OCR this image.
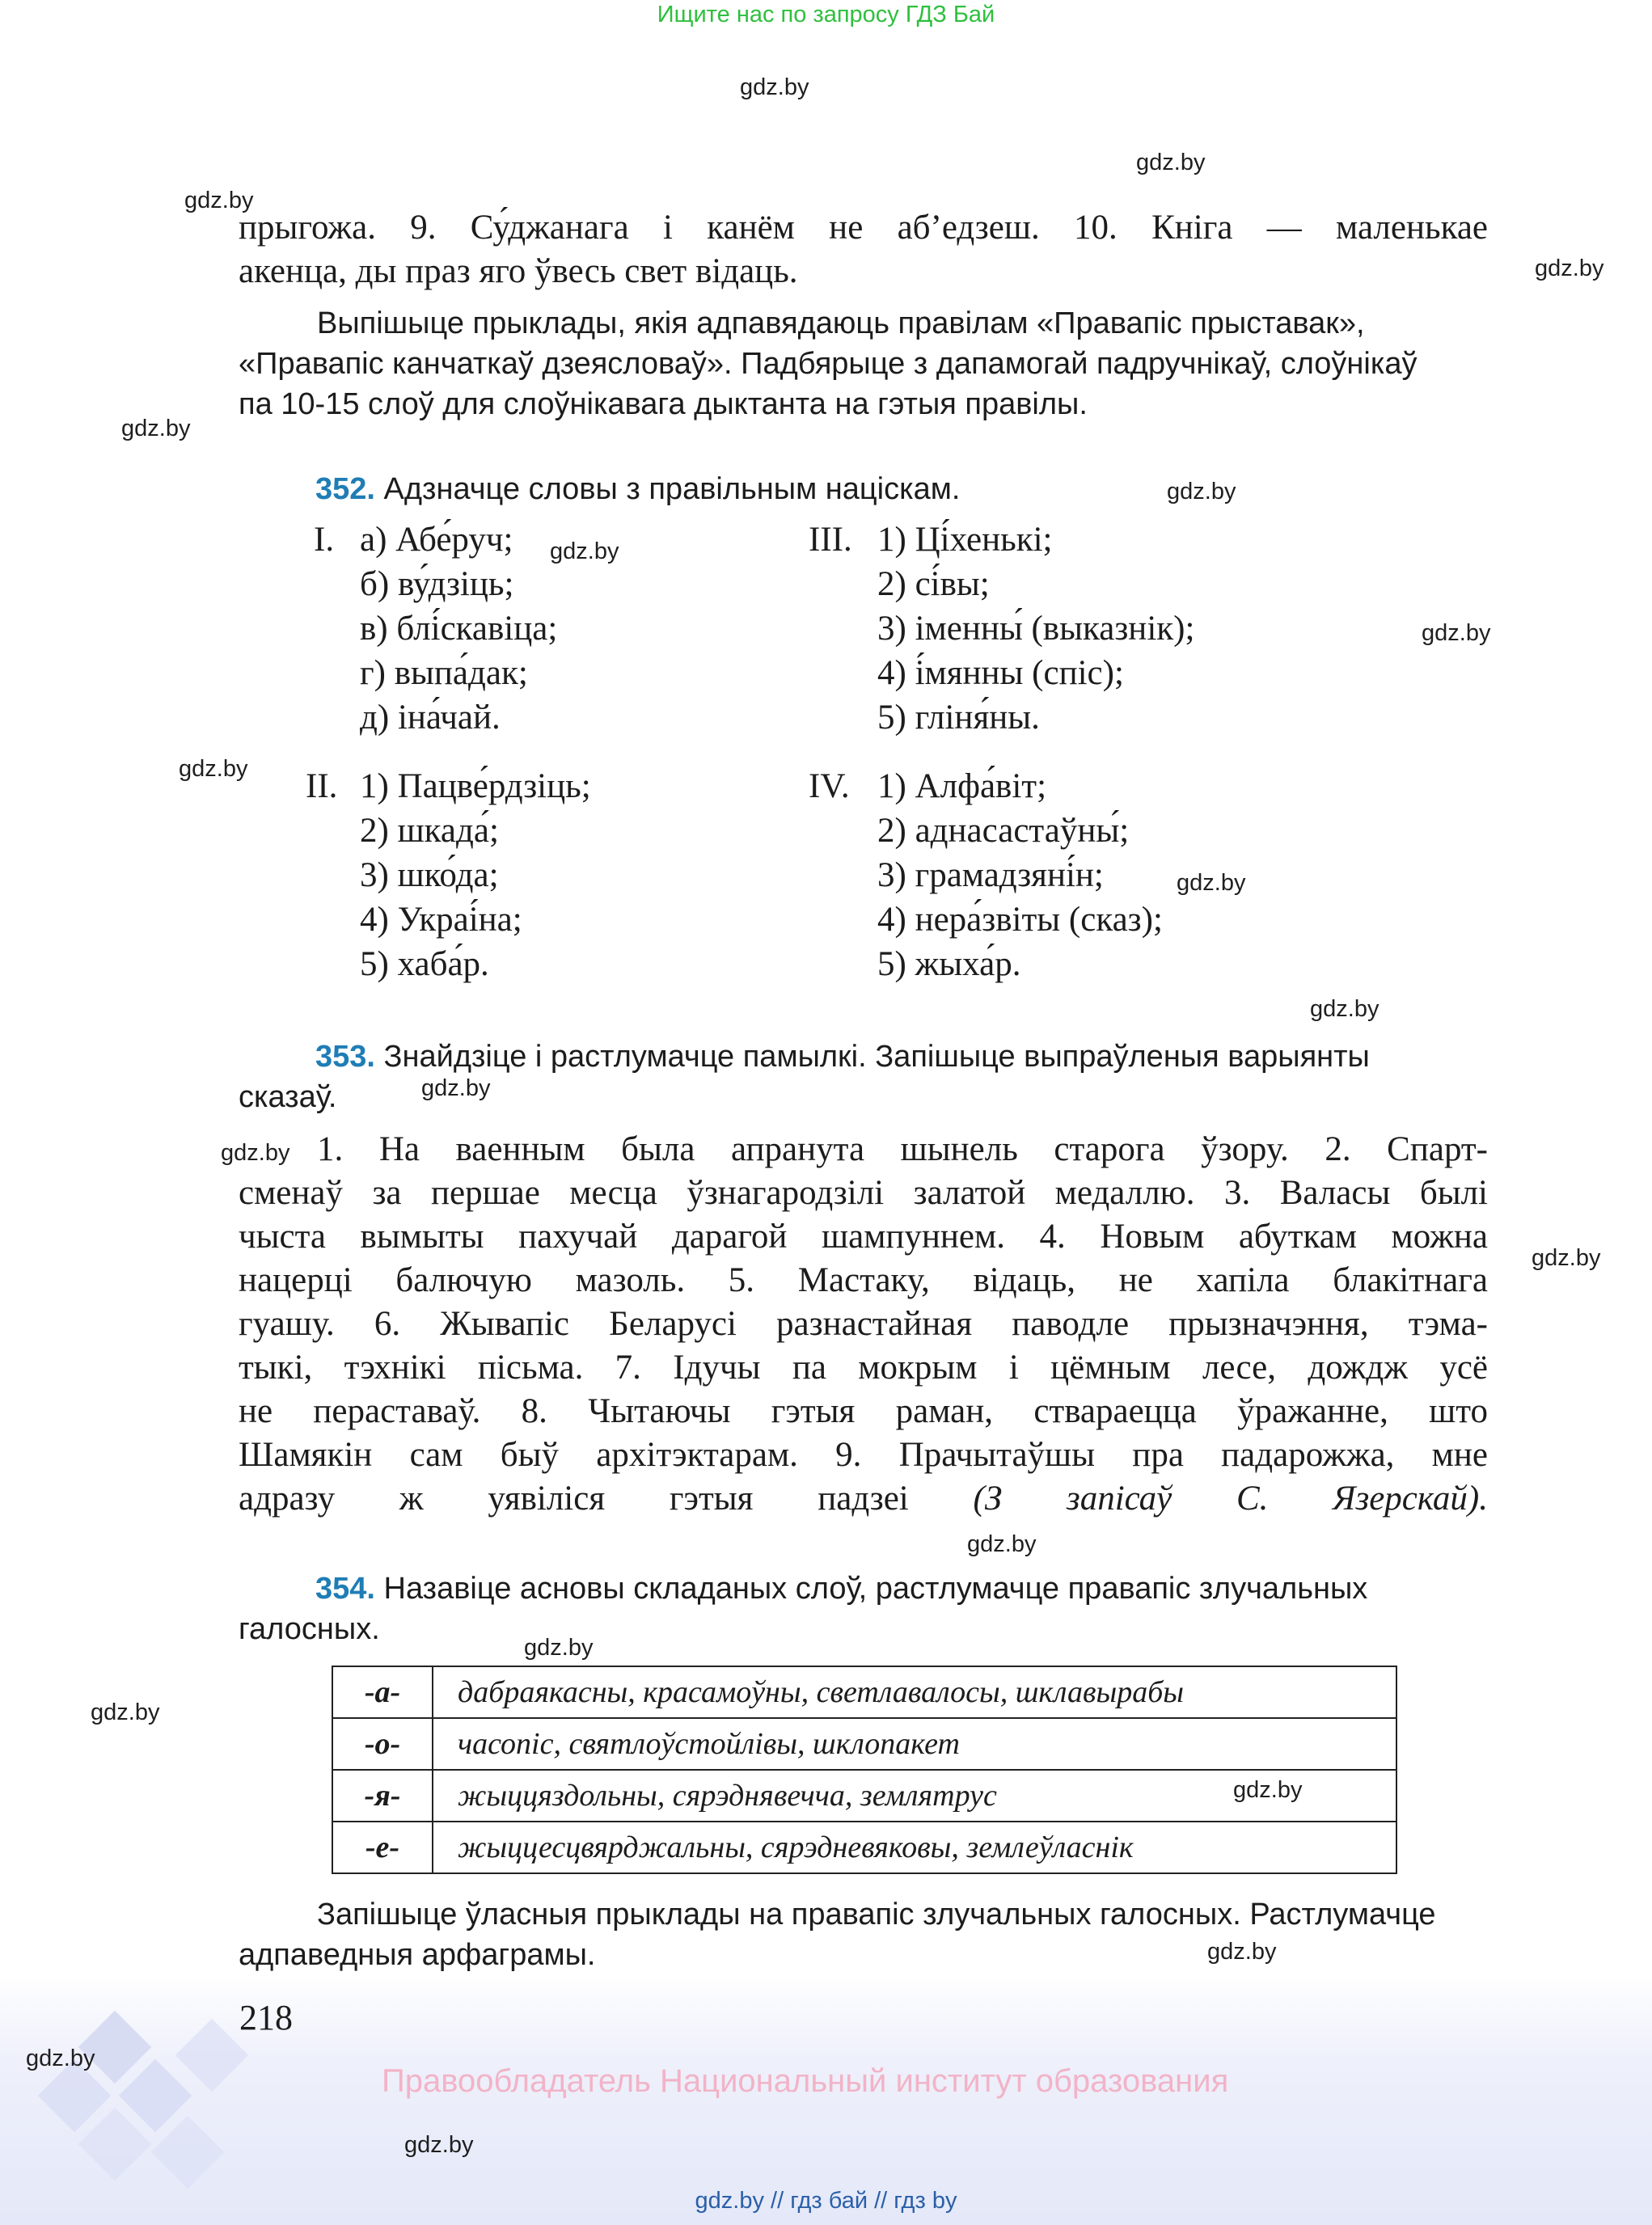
Ищите нас по запросу ГДЗ Бай
gdz.by
gdz.by
gdz.by
gdz.by
gdz.by
gdz.by
gdz.by
gdz.by
gdz.by
gdz.by
gdz.by
gdz.by
gdz.by
gdz.by
gdz.by
gdz.by
gdz.by
gdz.by
gdz.by
прыгожа. 9. Су́джанага і канём не аб’едзеш. 10. Кніга — маленькае
акенца, ды праз яго ўвесь свет відаць.
Выпішыце прыклады, якія адпавядаюць правілам «Правапіс прыставак»,
«Правапіс канчаткаў дзеясловаў». Падбярыце з дапамогай падручнікаў, слоўнікаў
па 10-15 слоў для слоўнікавага дыктанта на гэтыя правілы.
352. Адзначце словы з правільным націскам.
I. а) Абе́руч;
б) ву́дзіць;
в) блі́скавіца;
г) выпа́дак;
д) іна́чай.
II. 1) Пацве́рдзіць;
2) шкада́;
3) шко́да;
4) Украі́на;
5) хаба́р.
III. 1) Ці́хенькі;
2) сі́вы;
3) іменны́ (выказнік);
4) і́мянны (спіс);
5) гліня́ны.
IV. 1) Алфа́віт;
2) аднасастаўны́;
3) грамадзяні́н;
4) нера́звіты (сказ);
5) жыха́р.
353. Знайдзіце і растлумачце памылкі. Запішыце выпраўленыя варыянты
сказаў.
1. На ваенным была апранута шынель старога ўзору. 2. Спарт-
сменаў за першае месца ўзнагародзілі залатой медаллю. 3. Валасы былі
чыста вымыты пахучай дарагой шампуннем. 4. Новым абуткам можна
нацерці балючую мазоль. 5. Мастаку, відаць, не хапіла блакітнага
гуашу. 6. Жывапіс Беларусі разнастайная паводле прызначэння, тэма-
тыкі, тэхнікі пісьма. 7. Ідучы па мокрым і цёмным лесе, дождж усё
не пераставаў. 8. Чытаючы гэтыя раман, ствараецца ўражанне, што
Шамякін сам быў архітэктарам. 9. Прачытаўшы пра падарожжа, мне
адразу ж уявіліся гэтыя падзеі (З запісаў С. Язерскай).
354. Назавіце асновы складаных слоў, растлумачце правапіс злучальных
галосных.
-а-	дабраякасны, красамоўны, светлавалосы, шклавырабы
-о-	часопіс, святлоўстойлівы, шклопакет
-я-	жыццяздольны, сярэднявечча, землятрус
-е-	жыццесцвярджальны, сярэдневяковы, землеўласнік
Запішыце ўласныя прыклады на правапіс злучальных галосных. Растлумачце
адпаведныя арфаграмы.
218
gdz.by
Правообладатель Национальный институт образования
gdz.by
gdz.by // гдз бай // гдз by
